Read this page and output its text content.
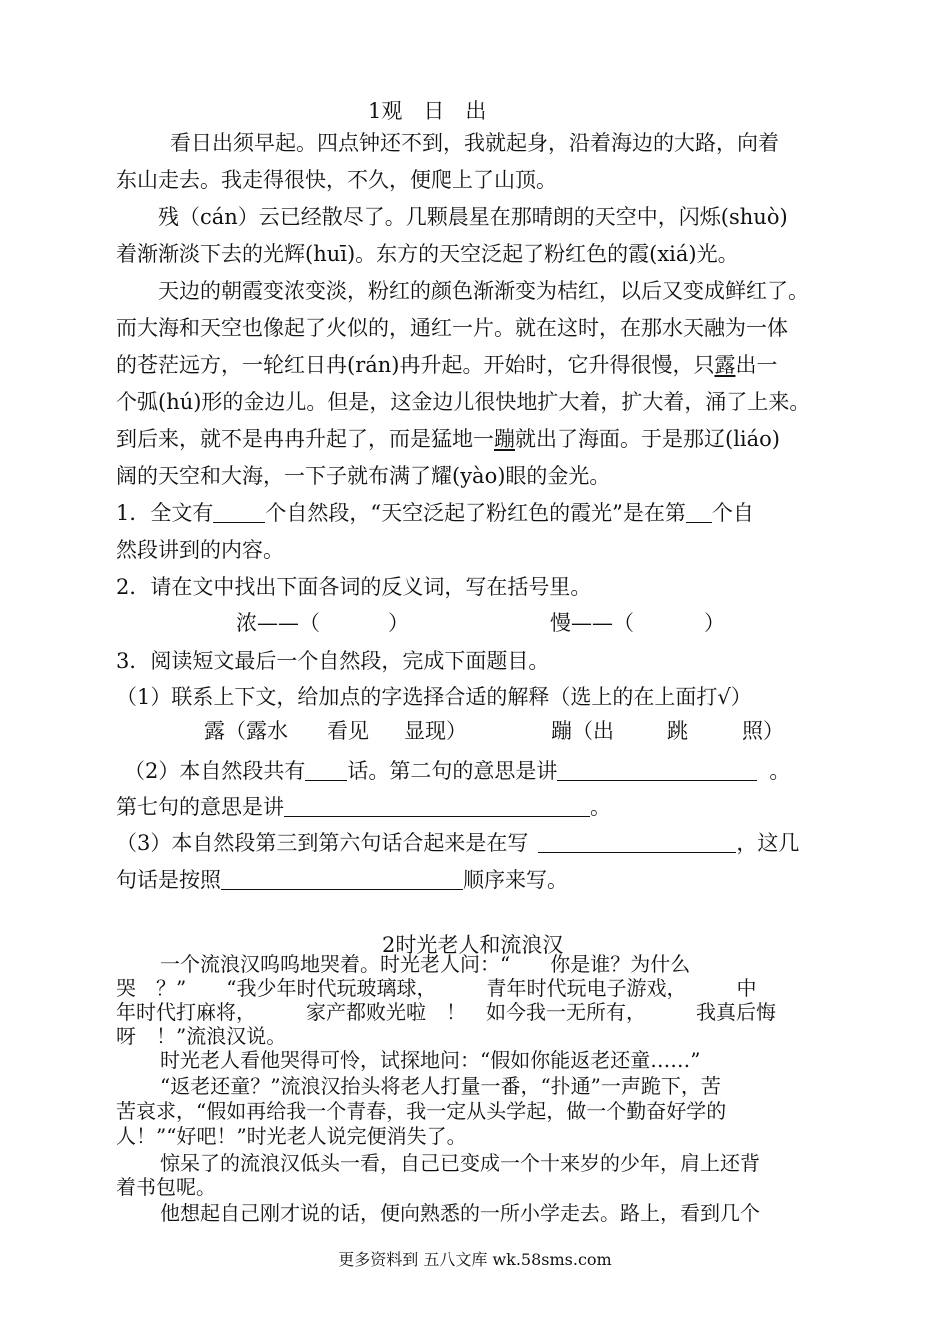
1观　日　出
看日出须早起。四点钟还不到，我就起身，沿着海边的大路，向着
东山走去。我走得很快，不久，便爬上了山顶。
残（cán）云已经散尽了。几颗晨星在那晴朗的天空中，闪烁(shuò)
着渐渐淡下去的光辉(huī)。东方的天空泛起了粉红色的霞(xiá)光。
天边的朝霞变浓变淡，粉红的颜色渐渐变为桔红，以后又变成鲜红了。
而大海和天空也像起了火似的，通红一片。就在这时，在那水天融为一体
的苍茫远方，一轮红日冉(rán)冉升起。开始时，它升得很慢，只露出一
个弧(hú)形的金边儿。但是，这金边儿很快地扩大着，扩大着，涌了上来。
到后来，就不是冉冉升起了，而是猛地一蹦就出了海面。于是那辽(liáo)
阔的天空和大海，一下子就布满了耀(yào)眼的金光。
1．全文有 个自然段，“天空泛起了粉红色的霞光”是在第 个自
然段讲到的内容。
2．请在文中找出下面各词的反义词，写在括号里。
浓——（	）	慢——（	）
3．阅读短文最后一个自然段，完成下面题目。
（1）联系上下文，给加点的字选择合适的解释（选上的在上面打√）
露（露水 看见 显现）	蹦（出	跳	照）
（2）本自然段共有 话。第二句的意思是讲	。
第七句的意思是讲	。
（3）本自然段第三到第六句话合起来是在写	，这几
句话是按照	顺序来写。
2时光老人和流浪汉
一个流浪汉呜呜地哭着。时光老人问：“　　你是谁？为什么
哭　？”　　“我少年时代玩玻璃球，　　　青年时代玩电子游戏，　　　中
年时代打麻将，　　　家产都败光啦　！　如今我一无所有，　　　我真后悔
呀　！”流浪汉说。
时光老人看他哭得可怜，试探地问：“假如你能返老还童……”
“返老还童？”流浪汉抬头将老人打量一番，“扑通”一声跪下，苦
苦哀求，“假如再给我一个青春，我一定从头学起，做一个勤奋好学的
人！”“好吧！”时光老人说完便消失了。
惊呆了的流浪汉低头一看，自己已变成一个十来岁的少年，肩上还背
着书包呢。
他想起自己刚才说的话，便向熟悉的一所小学走去。路上，看到几个
更多资料到 五八文库 wk.58sms.com
